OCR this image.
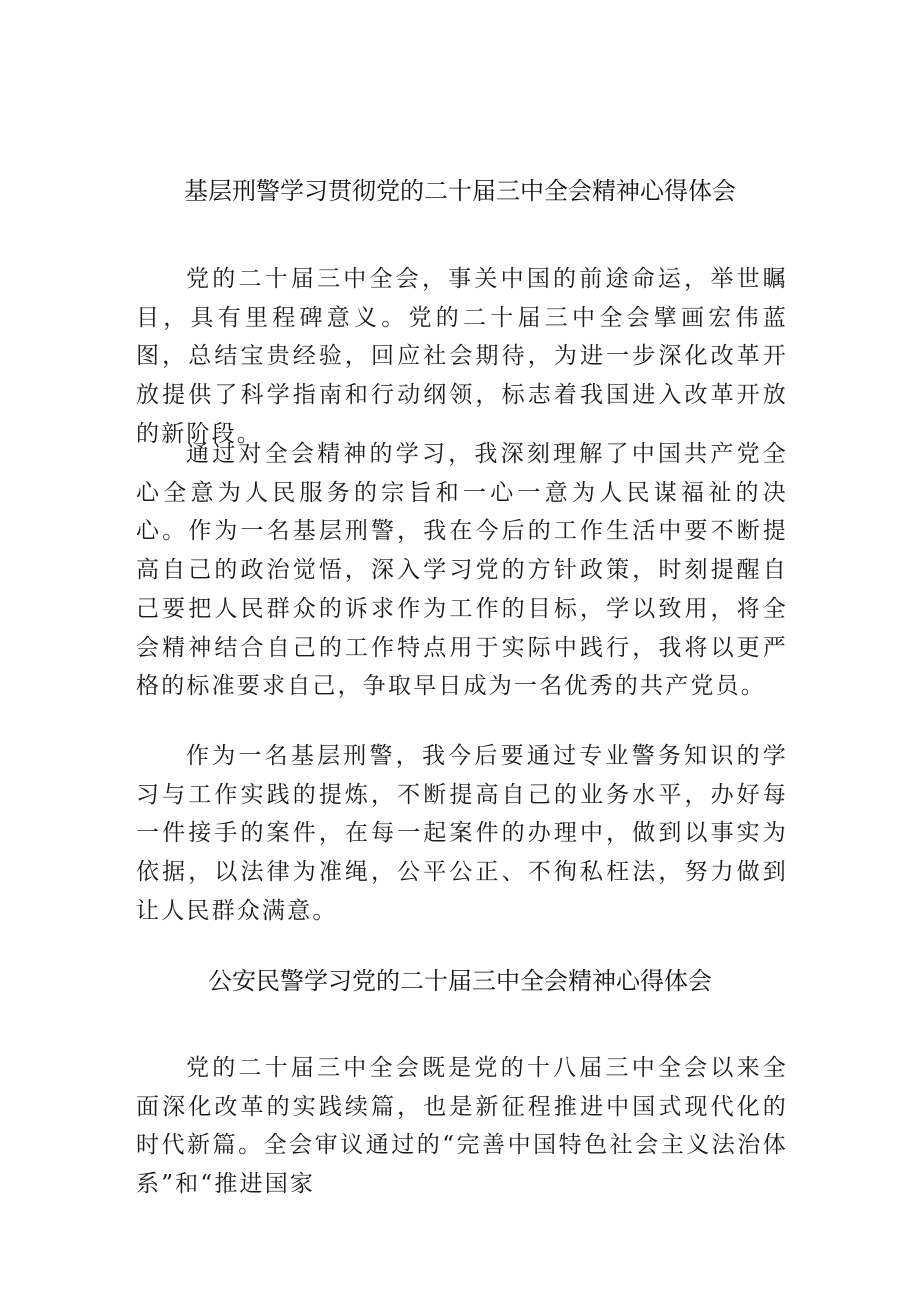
基层刑警学习贯彻党的二十届三中全会精神心得体会

党的二十届三中全会，事关中国的前途命运，举世瞩目，具有里程碑意义。党的二十届三中全会擘画宏伟蓝图，总结宝贵经验，回应社会期待，为进一步深化改革开放提供了科学指南和行动纲领，标志着我国进入改革开放的新阶段。

通过对全会精神的学习，我深刻理解了中国共产党全心全意为人民服务的宗旨和一心一意为人民谋福祉的决心。作为一名基层刑警，我在今后的工作生活中要不断提高自己的政治觉悟，深入学习党的方针政策，时刻提醒自己要把人民群众的诉求作为工作的目标，学以致用，将全会精神结合自己的工作特点用于实际中践行，我将以更严格的标准要求自己，争取早日成为一名优秀的共产党员。

作为一名基层刑警，我今后要通过专业警务知识的学习与工作实践的提炼，不断提高自己的业务水平，办好每一件接手的案件，在每一起案件的办理中，做到以事实为依据，以法律为准绳，公平公正、不徇私枉法，努力做到让人民群众满意。

公安民警学习党的二十届三中全会精神心得体会

党的二十届三中全会既是党的十八届三中全会以来全面深化改革的实践续篇，也是新征程推进中国式现代化的时代新篇。全会审议通过的“完善中国特色社会主义法治体系”和“推进国家
